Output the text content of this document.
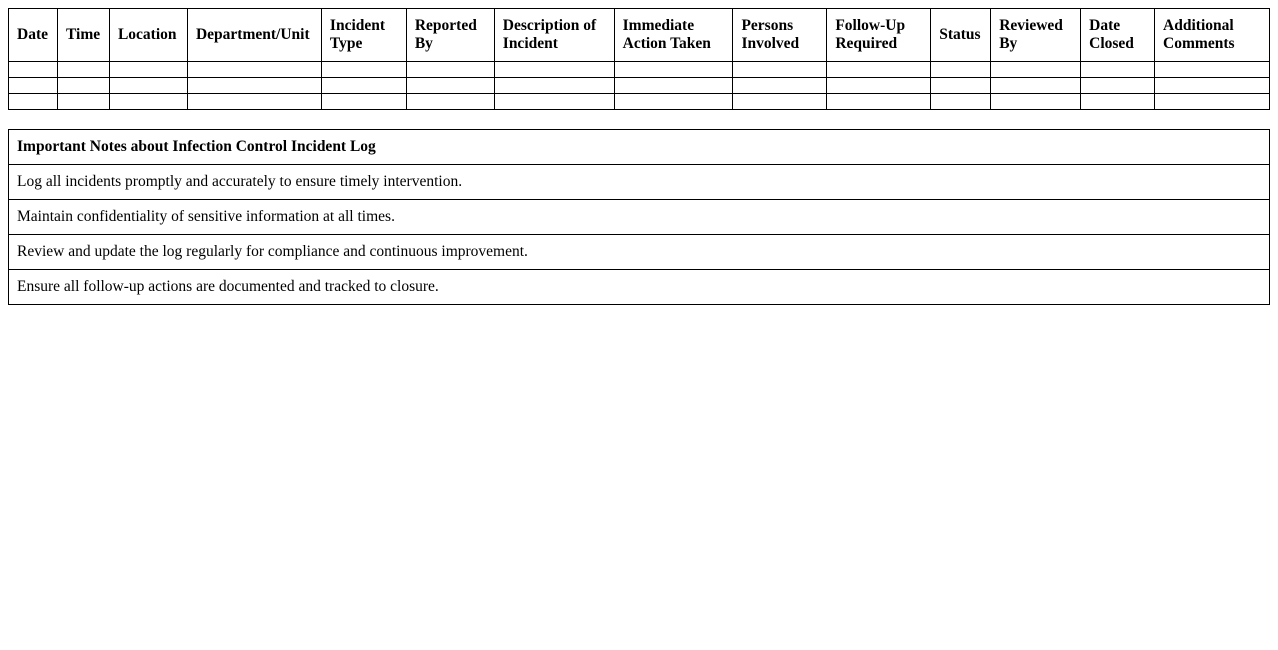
Date	Time	Location	Department/Unit	Incident Type	Reported By	Description of Incident	Immediate Action Taken	Persons Involved	Follow-Up Required	Status	Reviewed By	Date Closed	Additional Comments

Important Notes about Infection Control Incident Log
Log all incidents promptly and accurately to ensure timely intervention.
Maintain confidentiality of sensitive information at all times.
Review and update the log regularly for compliance and continuous improvement.
Ensure all follow-up actions are documented and tracked to closure.
